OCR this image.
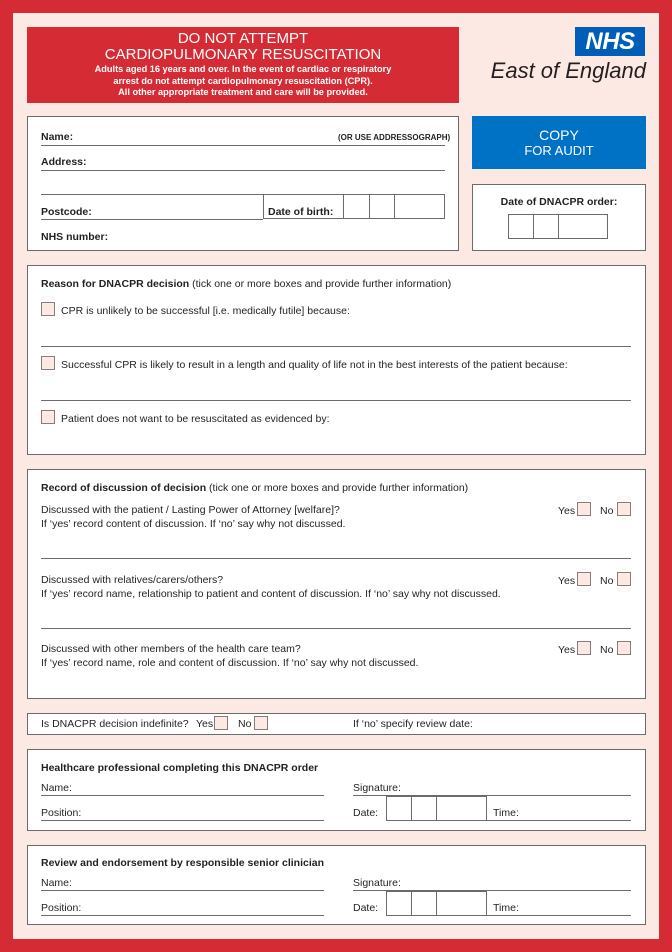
DO NOT ATTEMPT
CARDIOPULMONARY RESUSCITATION
Adults aged 16 years and over. In the event of cardiac or respiratory
arrest do not attempt cardiopulmonary resuscitation (CPR).
All other appropriate treatment and care will be provided.
NHS
East of England
Name:	(OR USE ADDRESSOGRAPH)
Address:
Postcode:	Date of birth:
NHS number:
COPY
FOR AUDIT
Date of DNACPR order:
Reason for DNACPR decision (tick one or more boxes and provide further information)
CPR is unlikely to be successful [i.e. medically futile] because:
Successful CPR is likely to result in a length and quality of life not in the best interests of the patient because:
Patient does not want to be resuscitated as evidenced by:
Record of discussion of decision (tick one or more boxes and provide further information)
Discussed with the patient / Lasting Power of Attorney [welfare]?
If ‘yes’ record content of discussion. If ‘no’ say why not discussed.
Yes No
Discussed with relatives/carers/others?
If ‘yes’ record name, relationship to patient and content of discussion. If ‘no’ say why not discussed.
Yes No
Discussed with other members of the health care team?
If ‘yes’ record name, role and content of discussion. If ‘no’ say why not discussed.
Yes No
Is DNACPR decision indefinite? Yes No	If ‘no’ specify review date:
Healthcare professional completing this DNACPR order
Name:	Signature:
Position:	Date:	Time:
Review and endorsement by responsible senior clinician
Name:	Signature:
Position:	Date:	Time:
